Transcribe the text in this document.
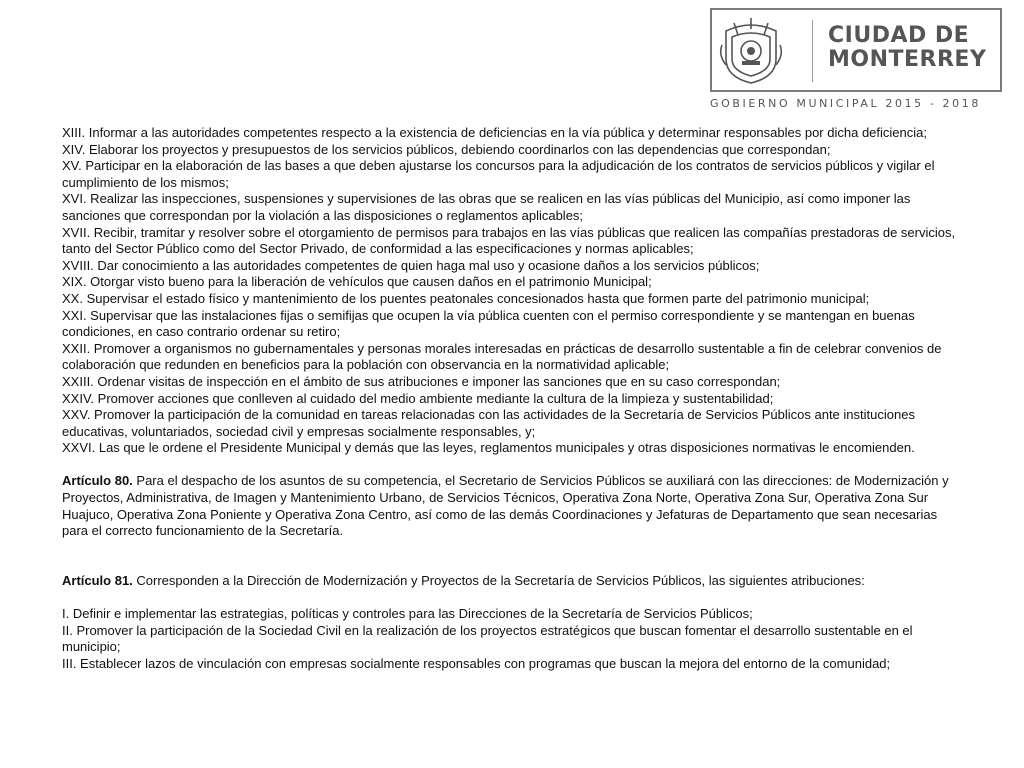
CIUDAD DE
MONTERREY
GOBIERNO MUNICIPAL 2015 - 2018

XIII. Informar a las autoridades competentes respecto a la existencia de deficiencias en la vía pública y determinar responsables por dicha deficiencia;

XIV. Elaborar los proyectos y presupuestos de los servicios públicos, debiendo coordinarlos con las dependencias que correspondan;

XV. Participar en la elaboración de las bases a que deben ajustarse los concursos para la adjudicación de los contratos de servicios públicos y vigilar el cumplimiento de los mismos;

XVI. Realizar las inspecciones, suspensiones y supervisiones de las obras que se realicen en las vías públicas del Municipio, así como imponer las sanciones que correspondan por la violación a las disposiciones o reglamentos aplicables;

XVII. Recibir, tramitar y resolver sobre el otorgamiento de permisos para trabajos en las vías públicas que realicen las compañías prestadoras de servicios, tanto del Sector Público como del Sector Privado, de conformidad a las especificaciones y normas aplicables;

XVIII. Dar conocimiento a las autoridades competentes de quien haga mal uso y ocasione daños a los servicios públicos;

XIX. Otorgar visto bueno para la liberación de vehículos que causen daños en el patrimonio Municipal;

XX. Supervisar el estado físico y mantenimiento de los puentes peatonales concesionados hasta que formen parte del patrimonio municipal;

XXI. Supervisar que las instalaciones fijas o semifijas que ocupen la vía pública cuenten con el permiso correspondiente y se mantengan en buenas condiciones, en caso contrario ordenar su retiro;

XXII. Promover a organismos no gubernamentales y personas morales interesadas en prácticas de desarrollo sustentable a fin de celebrar convenios de colaboración que redunden en beneficios para la población con observancia en la normatividad aplicable;

XXIII. Ordenar visitas de inspección en el ámbito de sus atribuciones e imponer las sanciones que en su caso correspondan;

XXIV. Promover acciones que conlleven al cuidado del medio ambiente mediante la cultura de la limpieza y sustentabilidad;

XXV. Promover la participación de la comunidad en tareas relacionadas con las actividades de la Secretaría de Servicios Públicos ante instituciones educativas, voluntariados, sociedad civil y empresas socialmente responsables, y;

XXVI. Las que le ordene el Presidente Municipal y demás que las leyes, reglamentos municipales y otras disposiciones normativas le encomienden.

Artículo 80. Para el despacho de los asuntos de su competencia, el Secretario de Servicios Públicos se auxiliará con las direcciones: de Modernización y Proyectos, Administrativa, de Imagen y Mantenimiento Urbano, de Servicios Técnicos, Operativa Zona Norte, Operativa Zona Sur, Operativa Zona Sur Huajuco, Operativa Zona Poniente y Operativa Zona Centro, así como de las demás Coordinaciones y Jefaturas de Departamento que sean necesarias para el correcto funcionamiento de la Secretaría.

Artículo 81. Corresponden a la Dirección de Modernización y Proyectos de la Secretaría de Servicios Públicos, las siguientes atribuciones:

I. Definir e implementar las estrategias, políticas y controles para las Direcciones de la Secretaría de Servicios Públicos;

II. Promover la participación de la Sociedad Civil en la realización de los proyectos estratégicos que buscan fomentar el desarrollo sustentable en el municipio;

III. Establecer lazos de vinculación con empresas socialmente responsables con programas que buscan la mejora del entorno de la comunidad;
